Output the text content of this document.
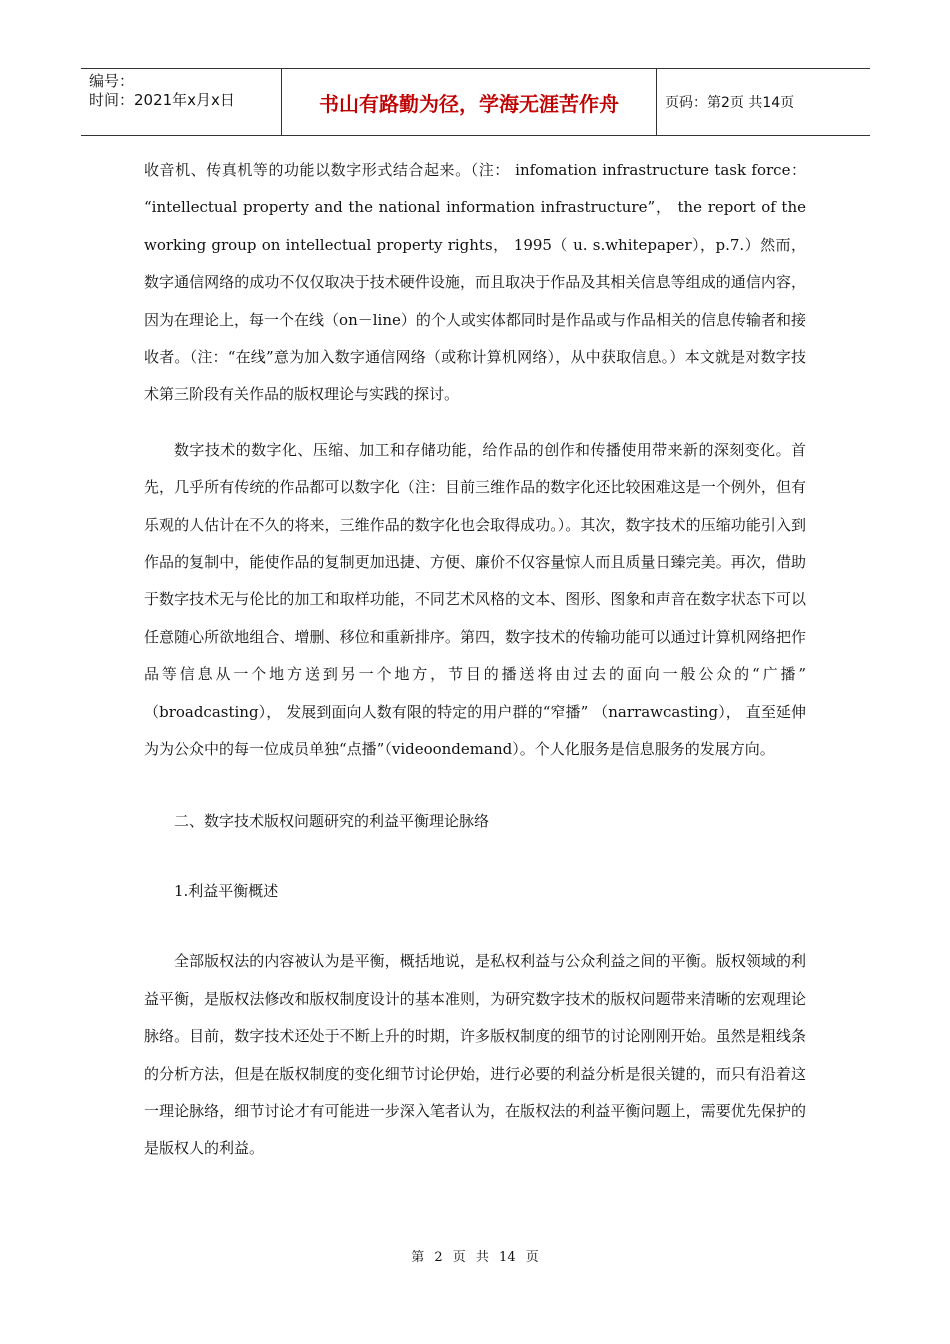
编号：
时间：2021年x月x日	书山有路勤为径，学海无涯苦作舟	页码：第2页 共14页

收音机、传真机等的功能以数字形式结合起来。（注： infomation infrastructure task force： “intellectual property and the national information infrastructure”， the report of the working group on intellectual property rights， 1995（ u. s.whitepaper），p.7.）然而， 数字通信网络的成功不仅仅取决于技术硬件设施，而且取决于作品及其相关信息等组成的通信内容，因为在理论上，每一个在线（on－line）的个人或实体都同时是作品或与作品相关的信息传输者和接收者。（注：“在线”意为加入数字通信网络（或称计算机网络），从中获取信息。）本文就是对数字技术第三阶段有关作品的版权理论与实践的探讨。

数字技术的数字化、压缩、加工和存储功能，给作品的创作和传播使用带来新的深刻变化。首先，几乎所有传统的作品都可以数字化（注：目前三维作品的数字化还比较困难这是一个例外，但有乐观的人估计在不久的将来，三维作品的数字化也会取得成功。）。其次，数字技术的压缩功能引入到作品的复制中，能使作品的复制更加迅捷、方便、廉价不仅容量惊人而且质量日臻完美。再次，借助于数字技术无与伦比的加工和取样功能，不同艺术风格的文本、图形、图象和声音在数字状态下可以任意随心所欲地组合、增删、移位和重新排序。第四，数字技术的传输功能可以通过计算机网络把作品等信息从一个地方送到另一个地方，节目的播送将由过去的面向一般公众的“广播” （broadcasting）， 发展到面向人数有限的特定的用户群的“窄播” （narrawcasting）， 直至延伸为为公众中的每一位成员单独“点播”（videoondemand）。个人化服务是信息服务的发展方向。

二、数字技术版权问题研究的利益平衡理论脉络

1.利益平衡概述

全部版权法的内容被认为是平衡，概括地说，是私权利益与公众利益之间的平衡。版权领域的利益平衡，是版权法修改和版权制度设计的基本准则，为研究数字技术的版权问题带来清晰的宏观理论脉络。目前，数字技术还处于不断上升的时期，许多版权制度的细节的讨论刚刚开始。虽然是粗线条的分析方法，但是在版权制度的变化细节讨论伊始，进行必要的利益分析是很关键的，而只有沿着这一理论脉络，细节讨论才有可能进一步深入笔者认为，在版权法的利益平衡问题上，需要优先保护的是版权人的利益。

第 2 页 共 14 页
